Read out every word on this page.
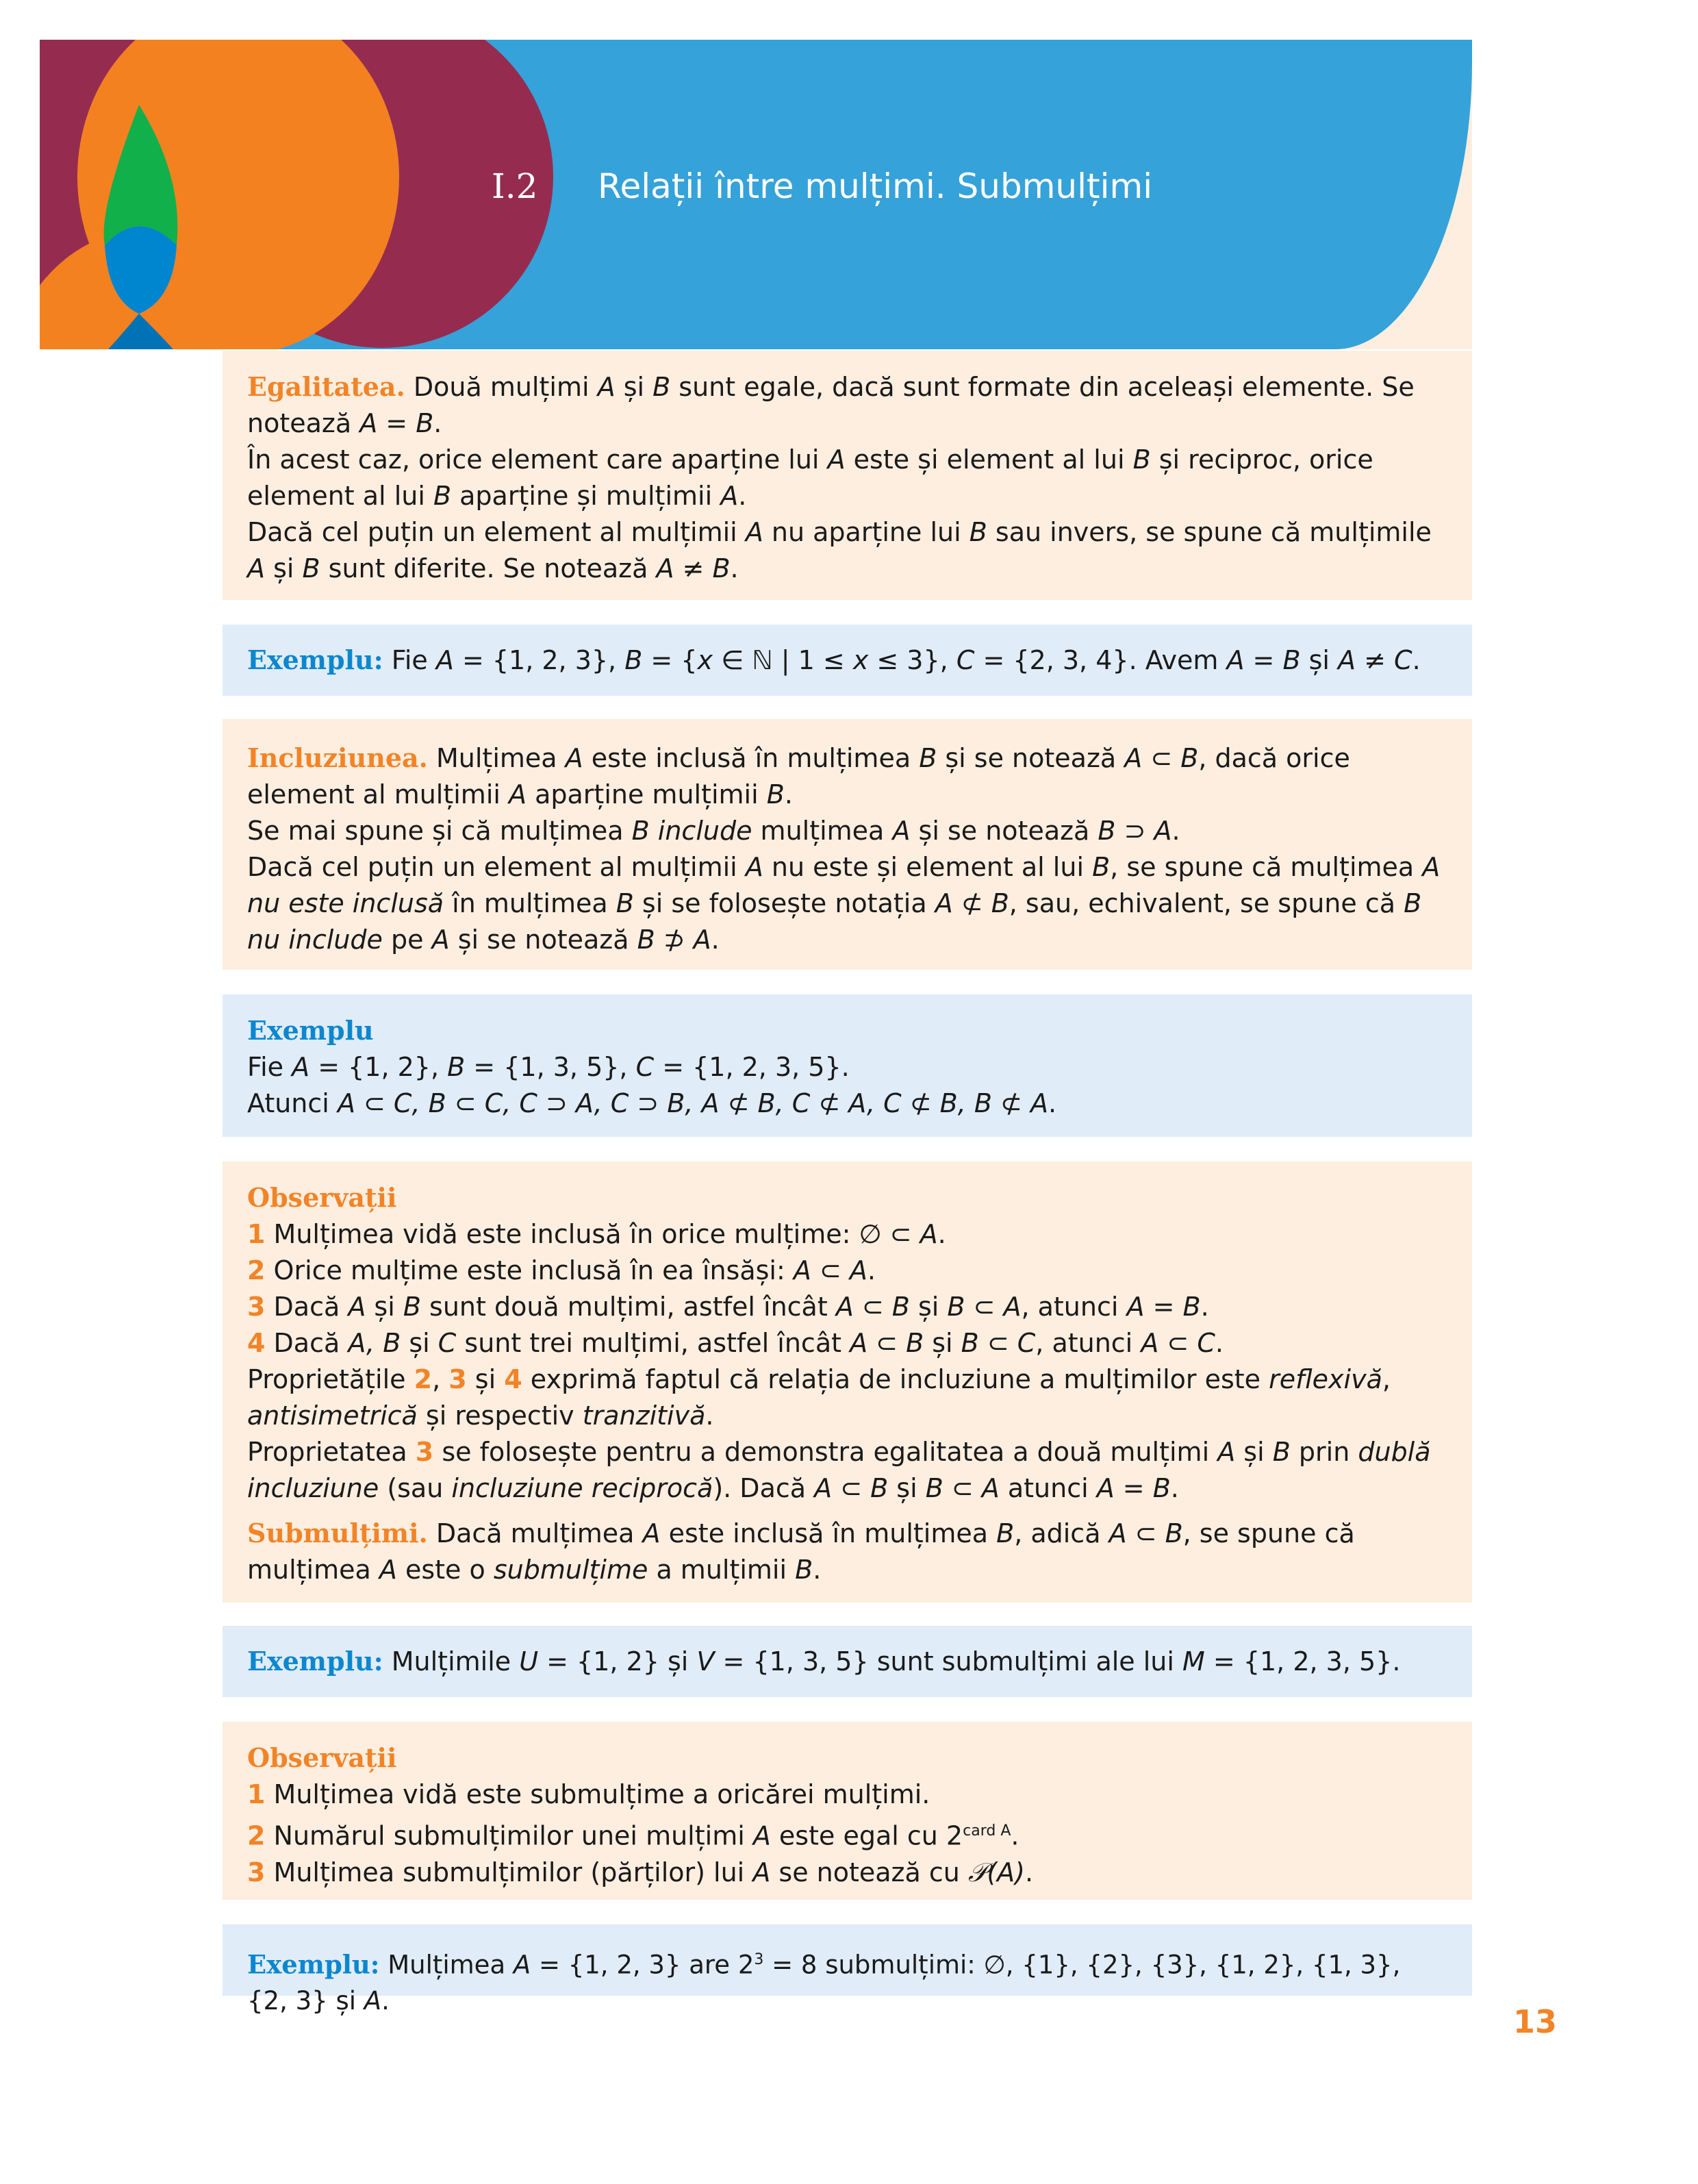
I.2 Relații între mulțimi. Submulțimi

Egalitatea. Două mulțimi A și B sunt egale, dacă sunt formate din aceleași elemente. Se notează A = B.

În acest caz, orice element care aparține lui A este și element al lui B și reciproc, orice element al lui B aparține și mulțimii A.

Dacă cel puțin un element al mulțimii A nu aparține lui B sau invers, se spune că mulțimile A și B sunt diferite. Se notează A ≠ B.

Exemplu: Fie A = {1, 2, 3}, B = {x ∈ ℕ | 1 ≤ x ≤ 3}, C = {2, 3, 4}. Avem A = B și A ≠ C.

Incluziunea. Mulțimea A este inclusă în mulțimea B și se notează A ⊂ B, dacă orice element al mulțimii A aparține mulțimii B.

Se mai spune și că mulțimea B include mulțimea A și se notează B ⊃ A.

Dacă cel puțin un element al mulțimii A nu este și element al lui B, se spune că mulțimea A nu este inclusă în mulțimea B și se folosește notația A ⊄ B, sau, echivalent, se spune că B nu include pe A și se notează B ⊅ A.

Exemplu

Fie A = {1, 2}, B = {1, 3, 5}, C = {1, 2, 3, 5}.

Atunci A ⊂ C, B ⊂ C, C ⊃ A, C ⊃ B, A ⊄ B, C ⊄ A, C ⊄ B, B ⊄ A.

Observații

1 Mulțimea vidă este inclusă în orice mulțime: ∅ ⊂ A.

2 Orice mulțime este inclusă în ea însăși: A ⊂ A.

3 Dacă A și B sunt două mulțimi, astfel încât A ⊂ B și B ⊂ A, atunci A = B.

4 Dacă A, B și C sunt trei mulțimi, astfel încât A ⊂ B și B ⊂ C, atunci A ⊂ C.

Proprietățile 2, 3 și 4 exprimă faptul că relația de incluziune a mulțimilor este reflexivă, antisimetrică și respectiv tranzitivă.

Proprietatea 3 se folosește pentru a demonstra egalitatea a două mulțimi A și B prin dublă incluziune (sau incluziune reciprocă). Dacă A ⊂ B și B ⊂ A atunci A = B.

Submulțimi. Dacă mulțimea A este inclusă în mulțimea B, adică A ⊂ B, se spune că mulțimea A este o submulțime a mulțimii B.

Exemplu: Mulțimile U = {1, 2} și V = {1, 3, 5} sunt submulțimi ale lui M = {1, 2, 3, 5}.

Observații

1 Mulțimea vidă este submulțime a oricărei mulțimi.

2 Numărul submulțimilor unei mulțimi A este egal cu $2^{card A}$.

3 Mulțimea submulțimilor (părților) lui A se notează cu 𝒫(A).

Exemplu: Mulțimea A = {1, 2, 3} are $2^3 = 8$ submulțimi: ∅, {1}, {2}, {3}, {1, 2}, {1, 3}, {2, 3} și A.

13
